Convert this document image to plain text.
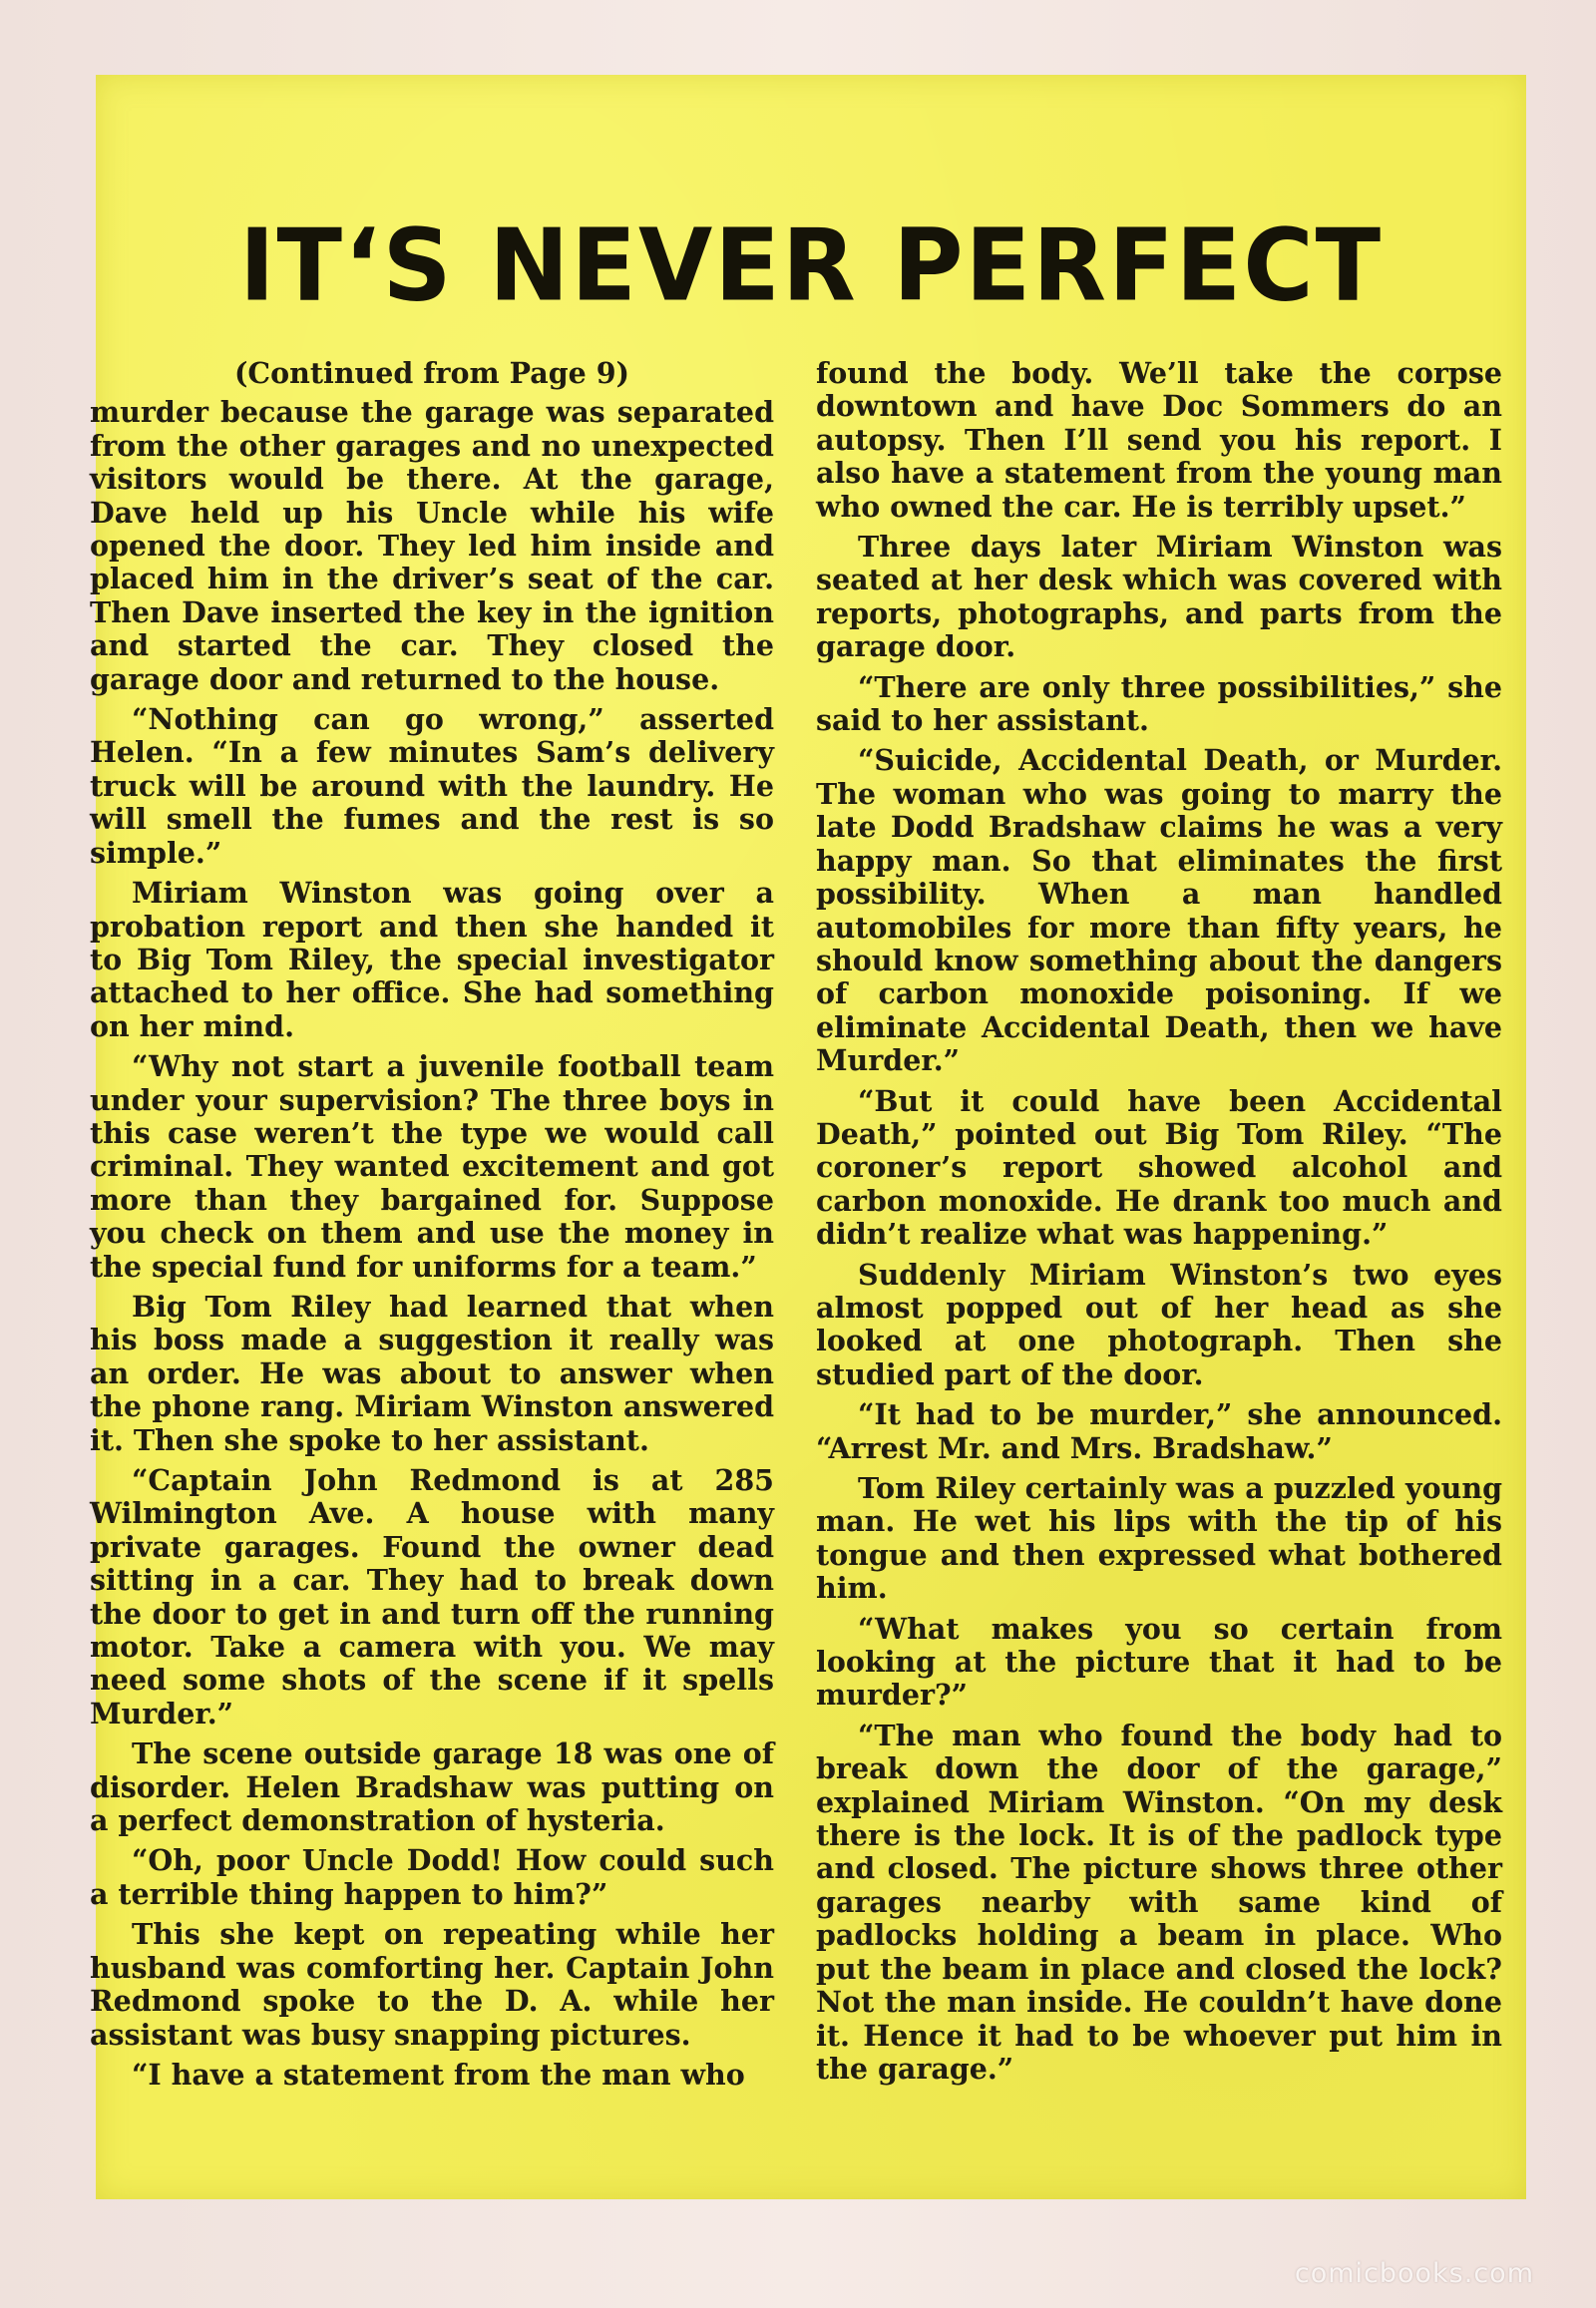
IT‘S NEVER PERFECT
(Continued from Page 9)

murder because the garage was separated from the other garages and no unexpected visitors would be there. At the garage, Dave held up his Uncle while his wife opened the door. They led him inside and placed him in the driver’s seat of the car. Then Dave inserted the key in the ignition and started the car. They closed the garage door and returned to the house.

“Nothing can go wrong,” asserted Helen. “In a few minutes Sam’s delivery truck will be around with the laundry. He will smell the fumes and the rest is so simple.”

Miriam Winston was going over a probation report and then she handed it to Big Tom Riley, the special investigator attached to her office. She had something on her mind.

“Why not start a juvenile football team under your supervision? The three boys in this case weren’t the type we would call criminal. They wanted excitement and got more than they bargained for. Suppose you check on them and use the money in the special fund for uniforms for a team.”

Big Tom Riley had learned that when his boss made a suggestion it really was an order. He was about to answer when the phone rang. Miriam Winston answered it. Then she spoke to her assistant.

“Captain John Redmond is at 285 Wilmington Ave. A house with many private garages. Found the owner dead sitting in a car. They had to break down the door to get in and turn off the running motor. Take a camera with you. We may need some shots of the scene if it spells Murder.”

The scene outside garage 18 was one of disorder. Helen Bradshaw was putting on a perfect demonstration of hysteria.

“Oh, poor Uncle Dodd! How could such a terrible thing happen to him?”

This she kept on repeating while her husband was comforting her. Captain John Redmond spoke to the D. A. while her assistant was busy snapping pictures.

“I have a statement from the man who

found the body. We’ll take the corpse downtown and have Doc Sommers do an autopsy. Then I’ll send you his report. I also have a statement from the young man who owned the car. He is terribly upset.”

Three days later Miriam Winston was seated at her desk which was covered with reports, photographs, and parts from the garage door.

“There are only three possibilities,” she said to her assistant.

“Suicide, Accidental Death, or Murder. The woman who was going to marry the late Dodd Bradshaw claims he was a very happy man. So that eliminates the first possibility. When a man handled automobiles for more than fifty years, he should know something about the dangers of carbon monoxide poisoning. If we eliminate Accidental Death, then we have Murder.”

“But it could have been Accidental Death,” pointed out Big Tom Riley. “The coroner’s report showed alcohol and carbon monoxide. He drank too much and didn’t realize what was happening.”

Suddenly Miriam Winston’s two eyes almost popped out of her head as she looked at one photograph. Then she studied part of the door.

“It had to be murder,” she announced. “Arrest Mr. and Mrs. Bradshaw.”

Tom Riley certainly was a puzzled young man. He wet his lips with the tip of his tongue and then expressed what bothered him.

“What makes you so certain from looking at the picture that it had to be murder?”

“The man who found the body had to break down the door of the garage,” explained Miriam Winston. “On my desk there is the lock. It is of the padlock type and closed. The picture shows three other garages nearby with same kind of padlocks holding a beam in place. Who put the beam in place and closed the lock? Not the man inside. He couldn’t have done it. Hence it had to be whoever put him in the garage.”

comicbooks.com
